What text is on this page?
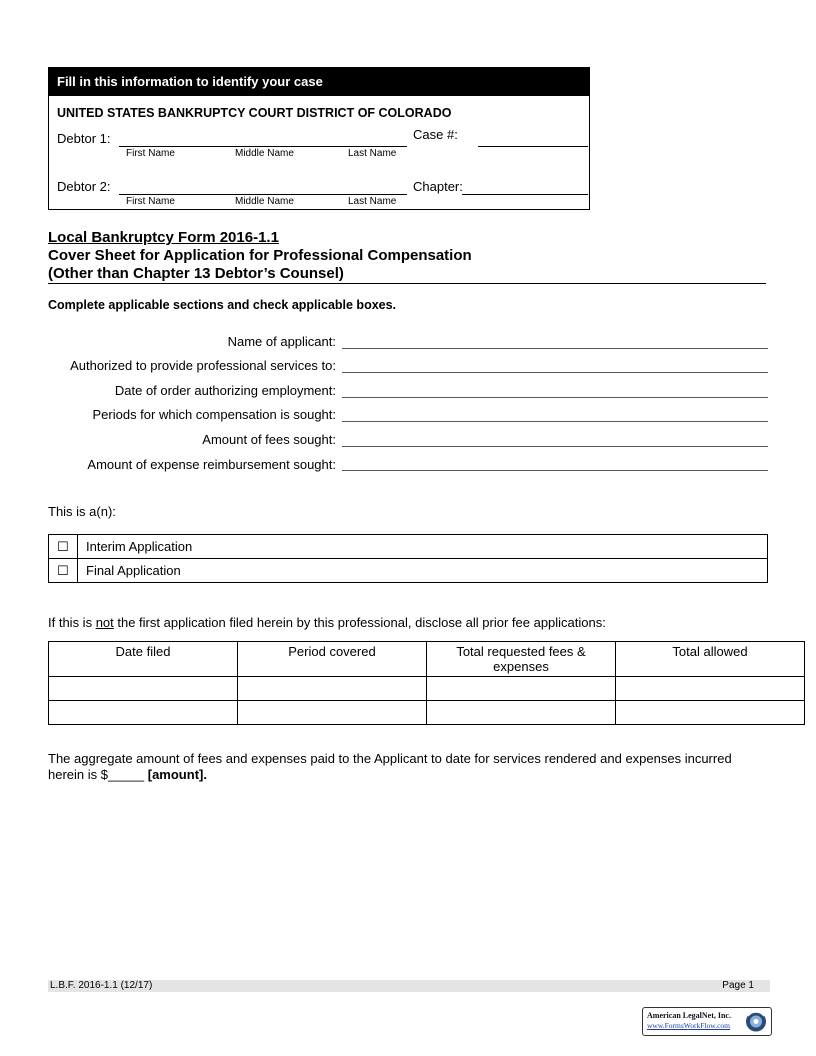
Fill in this information to identify your case
UNITED STATES BANKRUPTCY COURT DISTRICT OF COLORADO
Debtor 1:
First Name	Middle Name	Last Name
Case #:
Debtor 2:
First Name	Middle Name	Last Name
Chapter:
Local Bankruptcy Form 2016-1.1
Cover Sheet for Application for Professional Compensation
(Other than Chapter 13 Debtor’s Counsel)
Complete applicable sections and check applicable boxes.
Name of applicant:
Authorized to provide professional services to:
Date of order authorizing employment:
Periods for which compensation is sought:
Amount of fees sought:
Amount of expense reimbursement sought:
This is a(n):
☐	Interim Application
☐	Final Application
If this is not the first application filed herein by this professional, disclose all prior fee applications:
Date filed	Period covered	Total requested fees & expenses	Total allowed

The aggregate amount of fees and expenses paid to the Applicant to date for services rendered and expenses incurred herein is $_____ [amount].
L.B.F. 2016-1.1 (12/17)	Page 1
American LegalNet, Inc.
www.FormsWorkFlow.com
